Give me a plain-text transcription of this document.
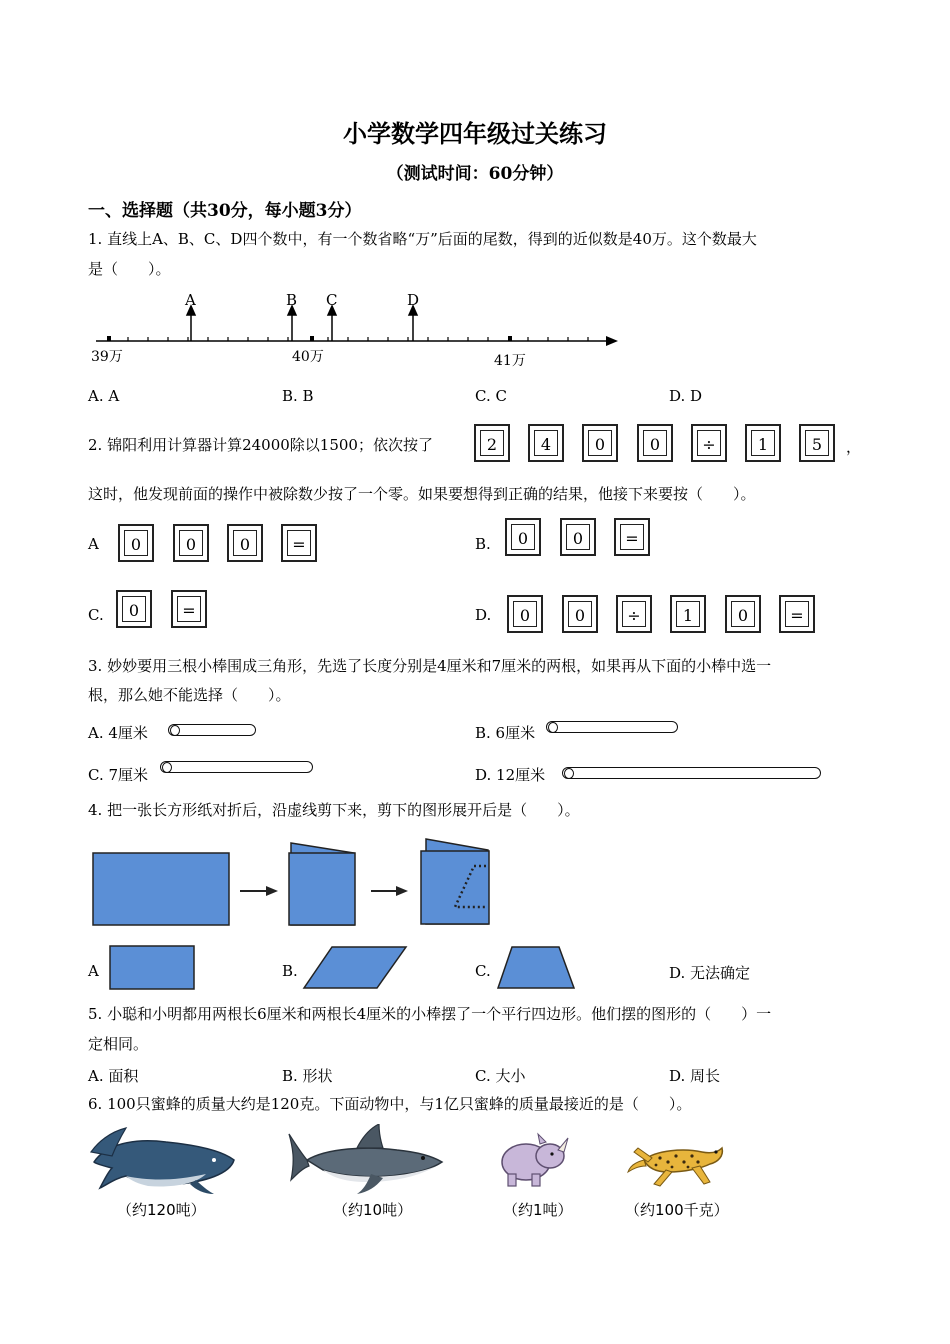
小学数学四年级过关练习
（测试时间：60分钟）
一、选择题（共30分，每小题3分）
1. 直线上A、B、C、D四个数中，有一个数省略“万”后面的尾数，得到的近似数是40万。这个数最大
是（　　）。
A	B C	D
39万	40万	41万
A. A	B. B	C. C	D. D
2. 锦阳利用计算器计算24000除以1500；依次按了	2	4	0	0	÷	1	5	，
这时，他发现前面的操作中被除数少按了一个零。如果要想得到正确的结果，他接下来要按（　　）。
A	0	0	0	=	B.	0	0	=
C.	0	=	D.	0	0	÷	1	0	=
3. 妙妙要用三根小棒围成三角形，先选了长度分别是4厘米和7厘米的两根，如果再从下面的小棒中选一
根，那么她不能选择（　　）。
A. 4厘米	B. 6厘米
C. 7厘米	D. 12厘米
4. 把一张长方形纸对折后，沿虚线剪下来，剪下的图形展开后是（　　）。
A	B.	C.	D. 无法确定
5. 小聪和小明都用两根长6厘米和两根长4厘米的小棒摆了一个平行四边形。他们摆的图形的（　　）一
定相同。
A. 面积	B. 形状	C. 大小	D. 周长
6. 100只蜜蜂的质量大约是120克。下面动物中，与1亿只蜜蜂的质量最接近的是（　　）。
（约120吨）	（约10吨）	（约1吨）	（约100千克）
